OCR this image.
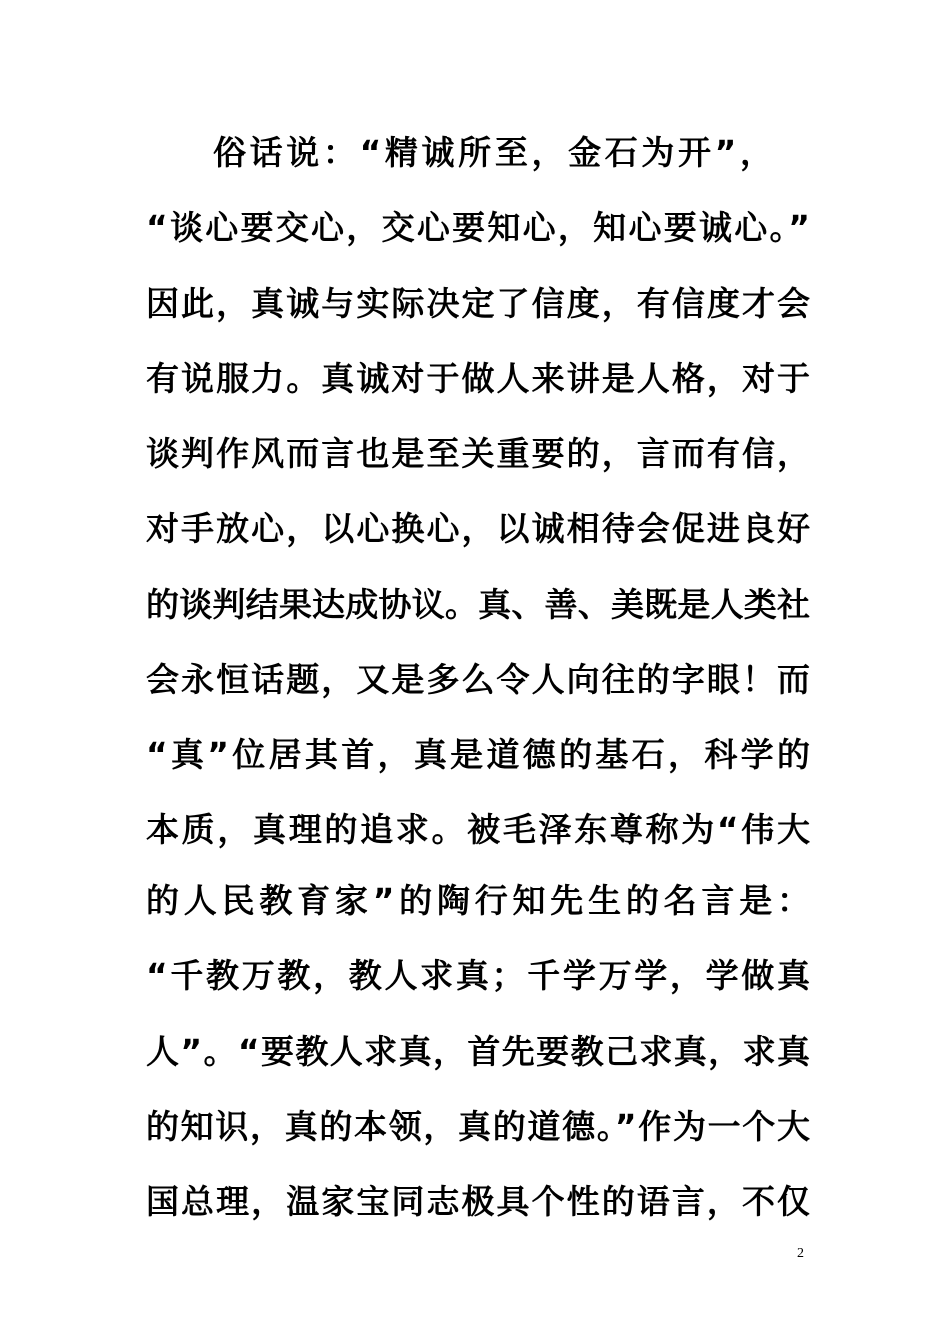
俗话说：“精诚所至，金石为开”，
“谈心要交心，交心要知心，知心要诚心。”
因此，真诚与实际决定了信度，有信度才会
有说服力。真诚对于做人来讲是人格，对于
谈判作风而言也是至关重要的，言而有信，
对手放心，以心换心，以诚相待会促进良好
的谈判结果达成协议。真、善、美既是人类社
会永恒话题，又是多么令人向往的字眼！而
“真”位居其首，真是道德的基石，科学的
本质，真理的追求。被毛泽东尊称为“伟大
的人民教育家”的陶行知先生的名言是：
“千教万教，教人求真；千学万学，学做真
人”。“要教人求真，首先要教己求真，求真
的知识，真的本领，真的道德。”作为一个大
国总理，温家宝同志极具个性的语言，不仅
2
